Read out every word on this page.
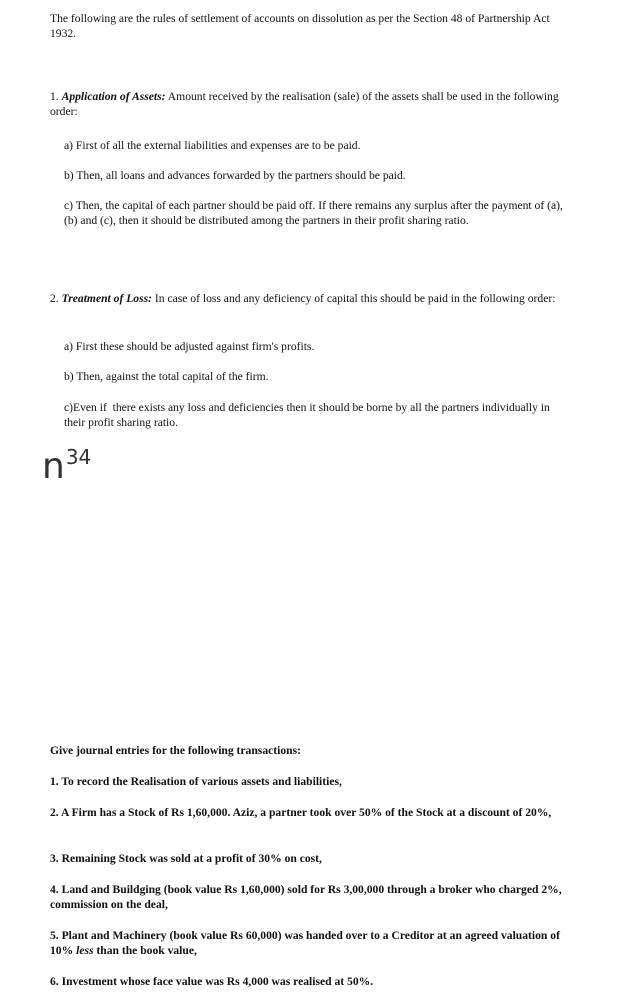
The following are the rules of settlement of accounts on dissolution as per the Section 48 of Partnership Act 1932.

1. Application of Assets: Amount received by the realisation (sale) of the assets shall be used in the following order:

a) First of all the external liabilities and expenses are to be paid.

b) Then, all loans and advances forwarded by the partners should be paid.

c) Then, the capital of each partner should be paid off. If there remains any surplus after the payment of (a), (b) and (c), then it should be distributed among the partners in their profit sharing ratio.

2. Treatment of Loss: In case of loss and any deficiency of capital this should be paid in the following order:

a) First these should be adjusted against firm's profits.

b) Then, against the total capital of the firm.

c)Even if  there exists any loss and deficiencies then it should be borne by all the partners individually in their profit sharing ratio.

$n^{34}$

Give journal entries for the following transactions:

1. To record the Realisation of various assets and liabilities,

2. A Firm has a Stock of Rs 1,60,000. Aziz, a partner took over 50% of the Stock at a discount of 20%,

3. Remaining Stock was sold at a profit of 30% on cost,

4. Land and Buildging (book value Rs 1,60,000) sold for Rs 3,00,000 through a broker who charged 2%, commission on the deal,

5. Plant and Machinery (book value Rs 60,000) was handed over to a Creditor at an agreed valuation of 10% less than the book value,

6. Investment whose face value was Rs 4,000 was realised at 50%.
